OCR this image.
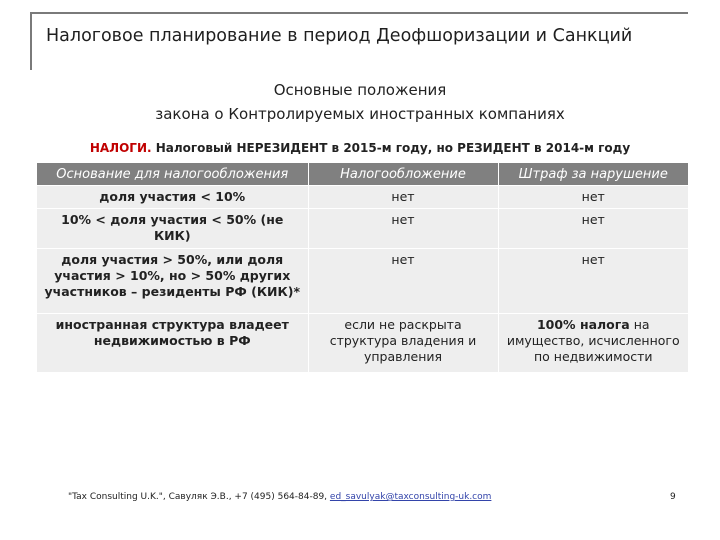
Налоговое планирование в период Деофшоризации и Санкций
Основные положения
закона о Контролируемых иностранных компаниях
НАЛОГИ. Налоговый НЕРЕЗИДЕНТ в 2015-м году, но РЕЗИДЕНТ в 2014-м году
Основание для налогообложения	Налогообложение	Штраф за нарушение
доля участия < 10%	нет	нет
10% < доля участия < 50% (не КИК)	нет	нет
доля участия > 50%, или доля участия > 10%, но > 50% других участников – резиденты РФ (КИК)*	нет	нет
иностранная структура владеет недвижимостью в РФ	если не раскрыта структура владения и управления	100% налога на имущество, исчисленного по недвижимости
"Tax Consulting U.K.", Савуляк Э.В., +7 (495) 564-84-89, ed_savulyak@taxconsulting-uk.com	9
